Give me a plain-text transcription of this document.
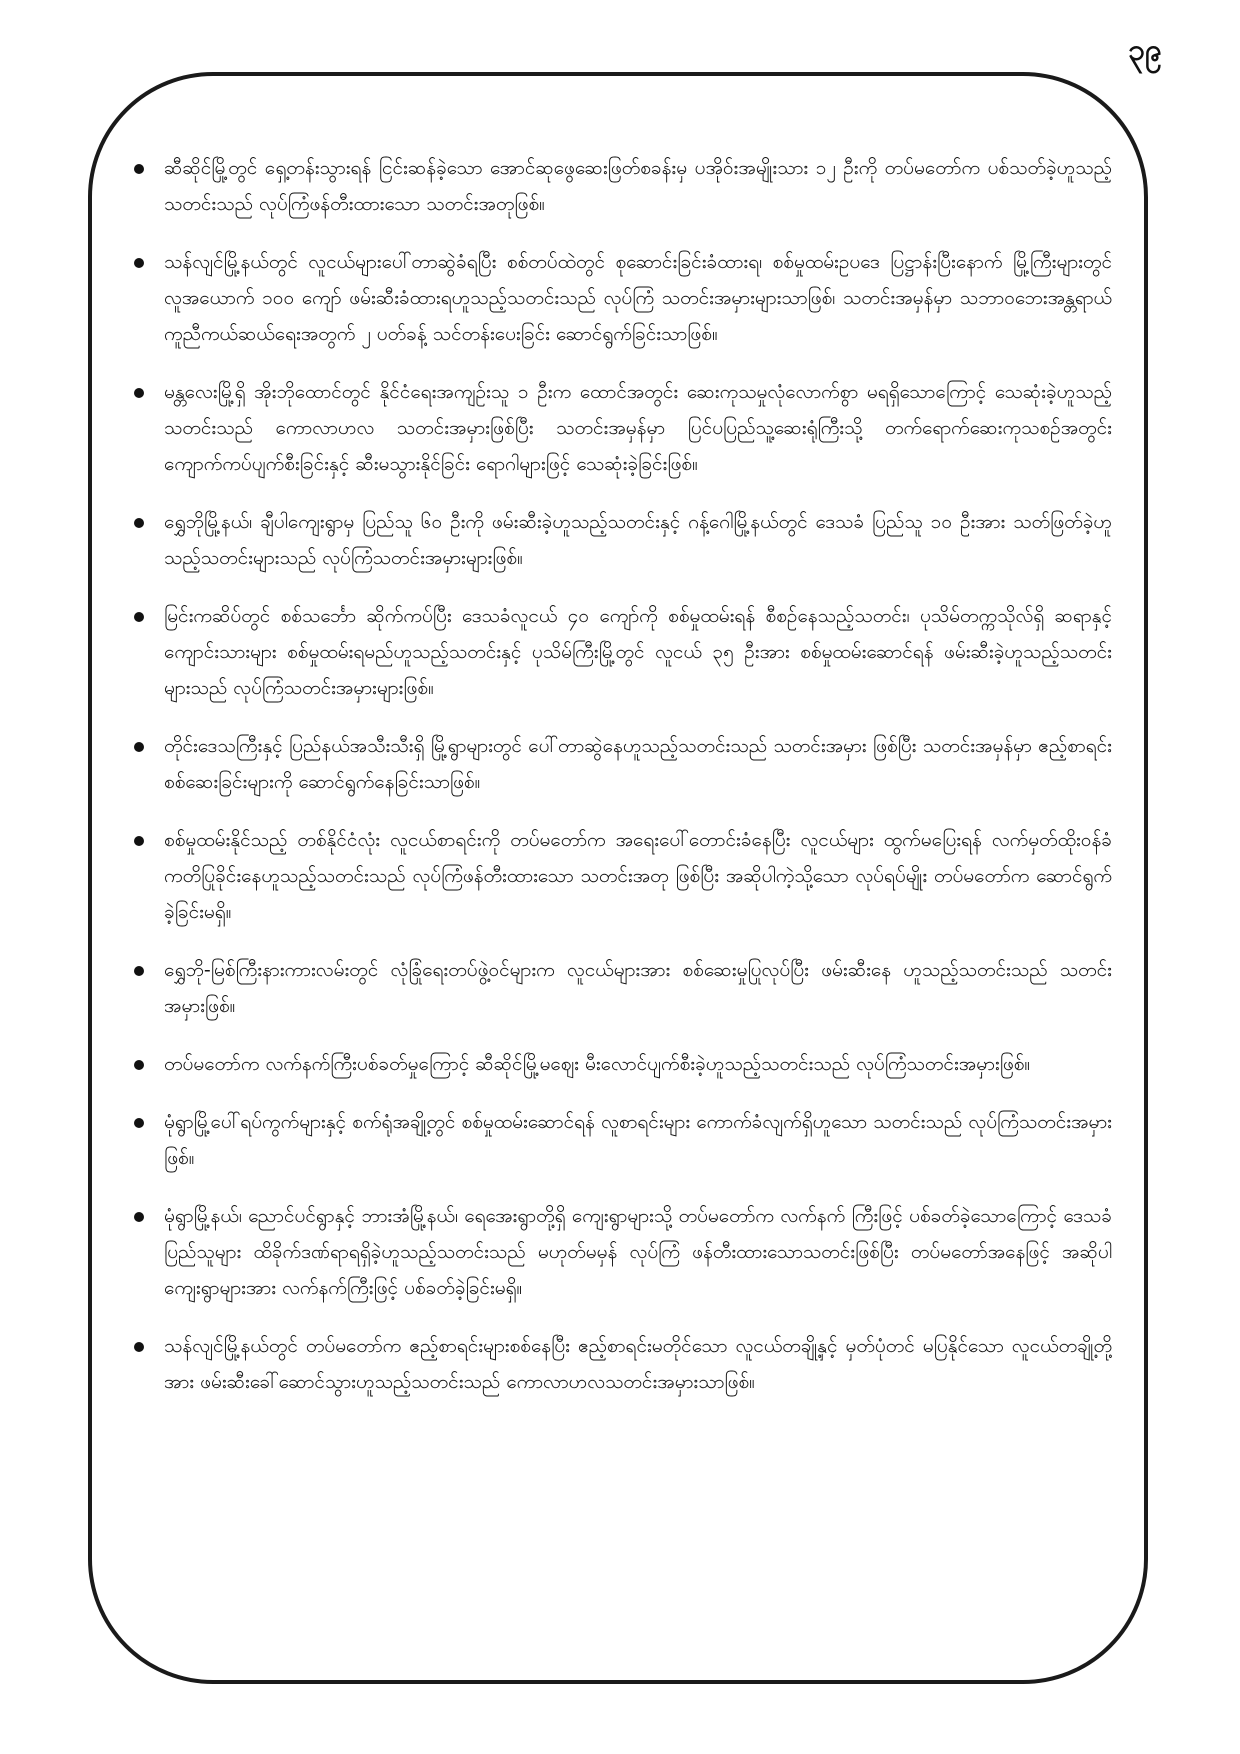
၃၉
ဆီဆိုင်မြို့တွင် ရှေ့တန်းသွားရန် ငြင်းဆန်ခဲ့သော အောင်ဆုဖွေဆေးဖြတ်စခန်းမှ ပအိုဝ်းအမျိုးသား ၁၂ ဦးကို တပ်မတော်က ပစ်သတ်ခဲ့ဟူသည့်သတင်းသည် လုပ်ကြံဖန်တီးထားသော သတင်းအတုဖြစ်။
သန်လျင်မြို့နယ်တွင် လူငယ်များပေါ်တာဆွဲခံရပြီး စစ်တပ်ထဲတွင် စုဆောင်းခြင်းခံထားရ၊ စစ်မှုထမ်းဥပဒေ ပြဋ္ဌာန်းပြီးနောက် မြို့ကြီးများတွင် လူအယောက် ၁၀၀ ကျော် ဖမ်းဆီးခံထားရဟူသည့်သတင်းသည် လုပ်ကြံ သတင်းအမှားများသာဖြစ်၊ သတင်းအမှန်မှာ သဘာဝဘေးအန္တရာယ် ကူညီကယ်ဆယ်ရေးအတွက် ၂ ပတ်ခန့် သင်တန်းပေးခြင်း ဆောင်ရွက်ခြင်းသာဖြစ်။
မန္တလေးမြို့ရှိ အိုးဘိုထောင်တွင် နိုင်ငံရေးအကျဉ်းသူ ၁ ဦးက ထောင်အတွင်း ဆေးကုသမှုလုံလောက်စွာ မရရှိသောကြောင့် သေဆုံးခဲ့ဟူသည့်သတင်းသည် ကောလာဟလ သတင်းအမှားဖြစ်ပြီး သတင်းအမှန်မှာ ပြင်ပပြည်သူ့ဆေးရုံကြီးသို့ တက်ရောက်ဆေးကုသစဉ်အတွင်း ကျောက်ကပ်ပျက်စီးခြင်းနှင့် ဆီးမသွားနိုင်ခြင်း ရောဂါများဖြင့် သေဆုံးခဲ့ခြင်းဖြစ်။
ရွှေဘိုမြို့နယ်၊ ချီပါကျေးရွာမှ ပြည်သူ ၆၀ ဦးကို ဖမ်းဆီးခဲ့ဟူသည့်သတင်းနှင့် ဂန့်ဂေါမြို့နယ်တွင် ဒေသခံ ပြည်သူ ၁၀ ဦးအား သတ်ဖြတ်ခဲ့ဟူသည့်သတင်းများသည် လုပ်ကြံသတင်းအမှားများဖြစ်။
မြင်းကဆိပ်တွင် စစ်သင်္ဘော ဆိုက်ကပ်ပြီး ဒေသခံလူငယ် ၄၀ ကျော်ကို စစ်မှုထမ်းရန် စီစဉ်နေသည့်သတင်း၊ ပုသိမ်တက္ကသိုလ်ရှိ ဆရာနှင့် ကျောင်းသားများ စစ်မှုထမ်းရမည်ဟူသည့်သတင်းနှင့် ပုသိမ်ကြီးမြို့တွင် လူငယ် ၃၅ ဦးအား စစ်မှုထမ်းဆောင်ရန် ဖမ်းဆီးခဲ့ဟူသည့်သတင်းများသည် လုပ်ကြံသတင်းအမှားများဖြစ်။
တိုင်းဒေသကြီးနှင့် ပြည်နယ်အသီးသီးရှိ မြို့ရွာများတွင် ပေါ်တာဆွဲနေဟူသည့်သတင်းသည် သတင်းအမှား ဖြစ်ပြီး သတင်းအမှန်မှာ ဧည့်စာရင်းစစ်ဆေးခြင်းများကို ဆောင်ရွက်နေခြင်းသာဖြစ်။
စစ်မှုထမ်းနိုင်သည့် တစ်နိုင်ငံလုံး လူငယ်စာရင်းကို တပ်မတော်က အရေးပေါ်တောင်းခံနေပြီး လူငယ်များ ထွက်မပြေးရန် လက်မှတ်ထိုးဝန်ခံကတိပြုခိုင်းနေဟူသည့်သတင်းသည် လုပ်ကြံဖန်တီးထားသော သတင်းအတု ဖြစ်ပြီး အဆိုပါကဲ့သို့သော လုပ်ရပ်မျိုး တပ်မတော်က ဆောင်ရွက်ခဲ့ခြင်းမရှိ။
ရွှေဘို-မြစ်ကြီးနားကားလမ်းတွင် လုံခြုံရေးတပ်ဖွဲ့ဝင်များက လူငယ်များအား စစ်ဆေးမှုပြုလုပ်ပြီး ဖမ်းဆီးနေ ဟူသည့်သတင်းသည် သတင်းအမှားဖြစ်။
တပ်မတော်က လက်နက်ကြီးပစ်ခတ်မှုကြောင့် ဆီဆိုင်မြို့မဈေး မီးလောင်ပျက်စီးခဲ့ဟူသည့်သတင်းသည် လုပ်ကြံသတင်းအမှားဖြစ်။
မုံရွာမြို့ပေါ်ရပ်ကွက်များနှင့် စက်ရုံအချို့တွင် စစ်မှုထမ်းဆောင်ရန် လူစာရင်းများ ကောက်ခံလျက်ရှိဟူသော သတင်းသည် လုပ်ကြံသတင်းအမှားဖြစ်။
မုံရွာမြို့နယ်၊ ညောင်ပင်ရွာနှင့် ဘားအံမြို့နယ်၊ ရေအေးရွာတို့ရှိ ကျေးရွာများသို့ တပ်မတော်က လက်နက် ကြီးဖြင့် ပစ်ခတ်ခဲ့သောကြောင့် ဒေသခံပြည်သူများ ထိခိုက်ဒဏ်ရာရရှိခဲ့ဟူသည့်သတင်းသည် မဟုတ်မမှန် လုပ်ကြံ ဖန်တီးထားသောသတင်းဖြစ်ပြီး တပ်မတော်အနေဖြင့် အဆိုပါကျေးရွာများအား လက်နက်ကြီးဖြင့် ပစ်ခတ်ခဲ့ခြင်းမရှိ။
သန်လျင်မြို့နယ်တွင် တပ်မတော်က ဧည့်စာရင်းများစစ်နေပြီး ဧည့်စာရင်းမတိုင်သော လူငယ်တချို့နှင့် မှတ်ပုံတင် မပြနိုင်သော လူငယ်တချို့တို့အား ဖမ်းဆီးခေါ်ဆောင်သွားဟူသည့်သတင်းသည် ကောလာဟလသတင်းအမှားသာဖြစ်။
